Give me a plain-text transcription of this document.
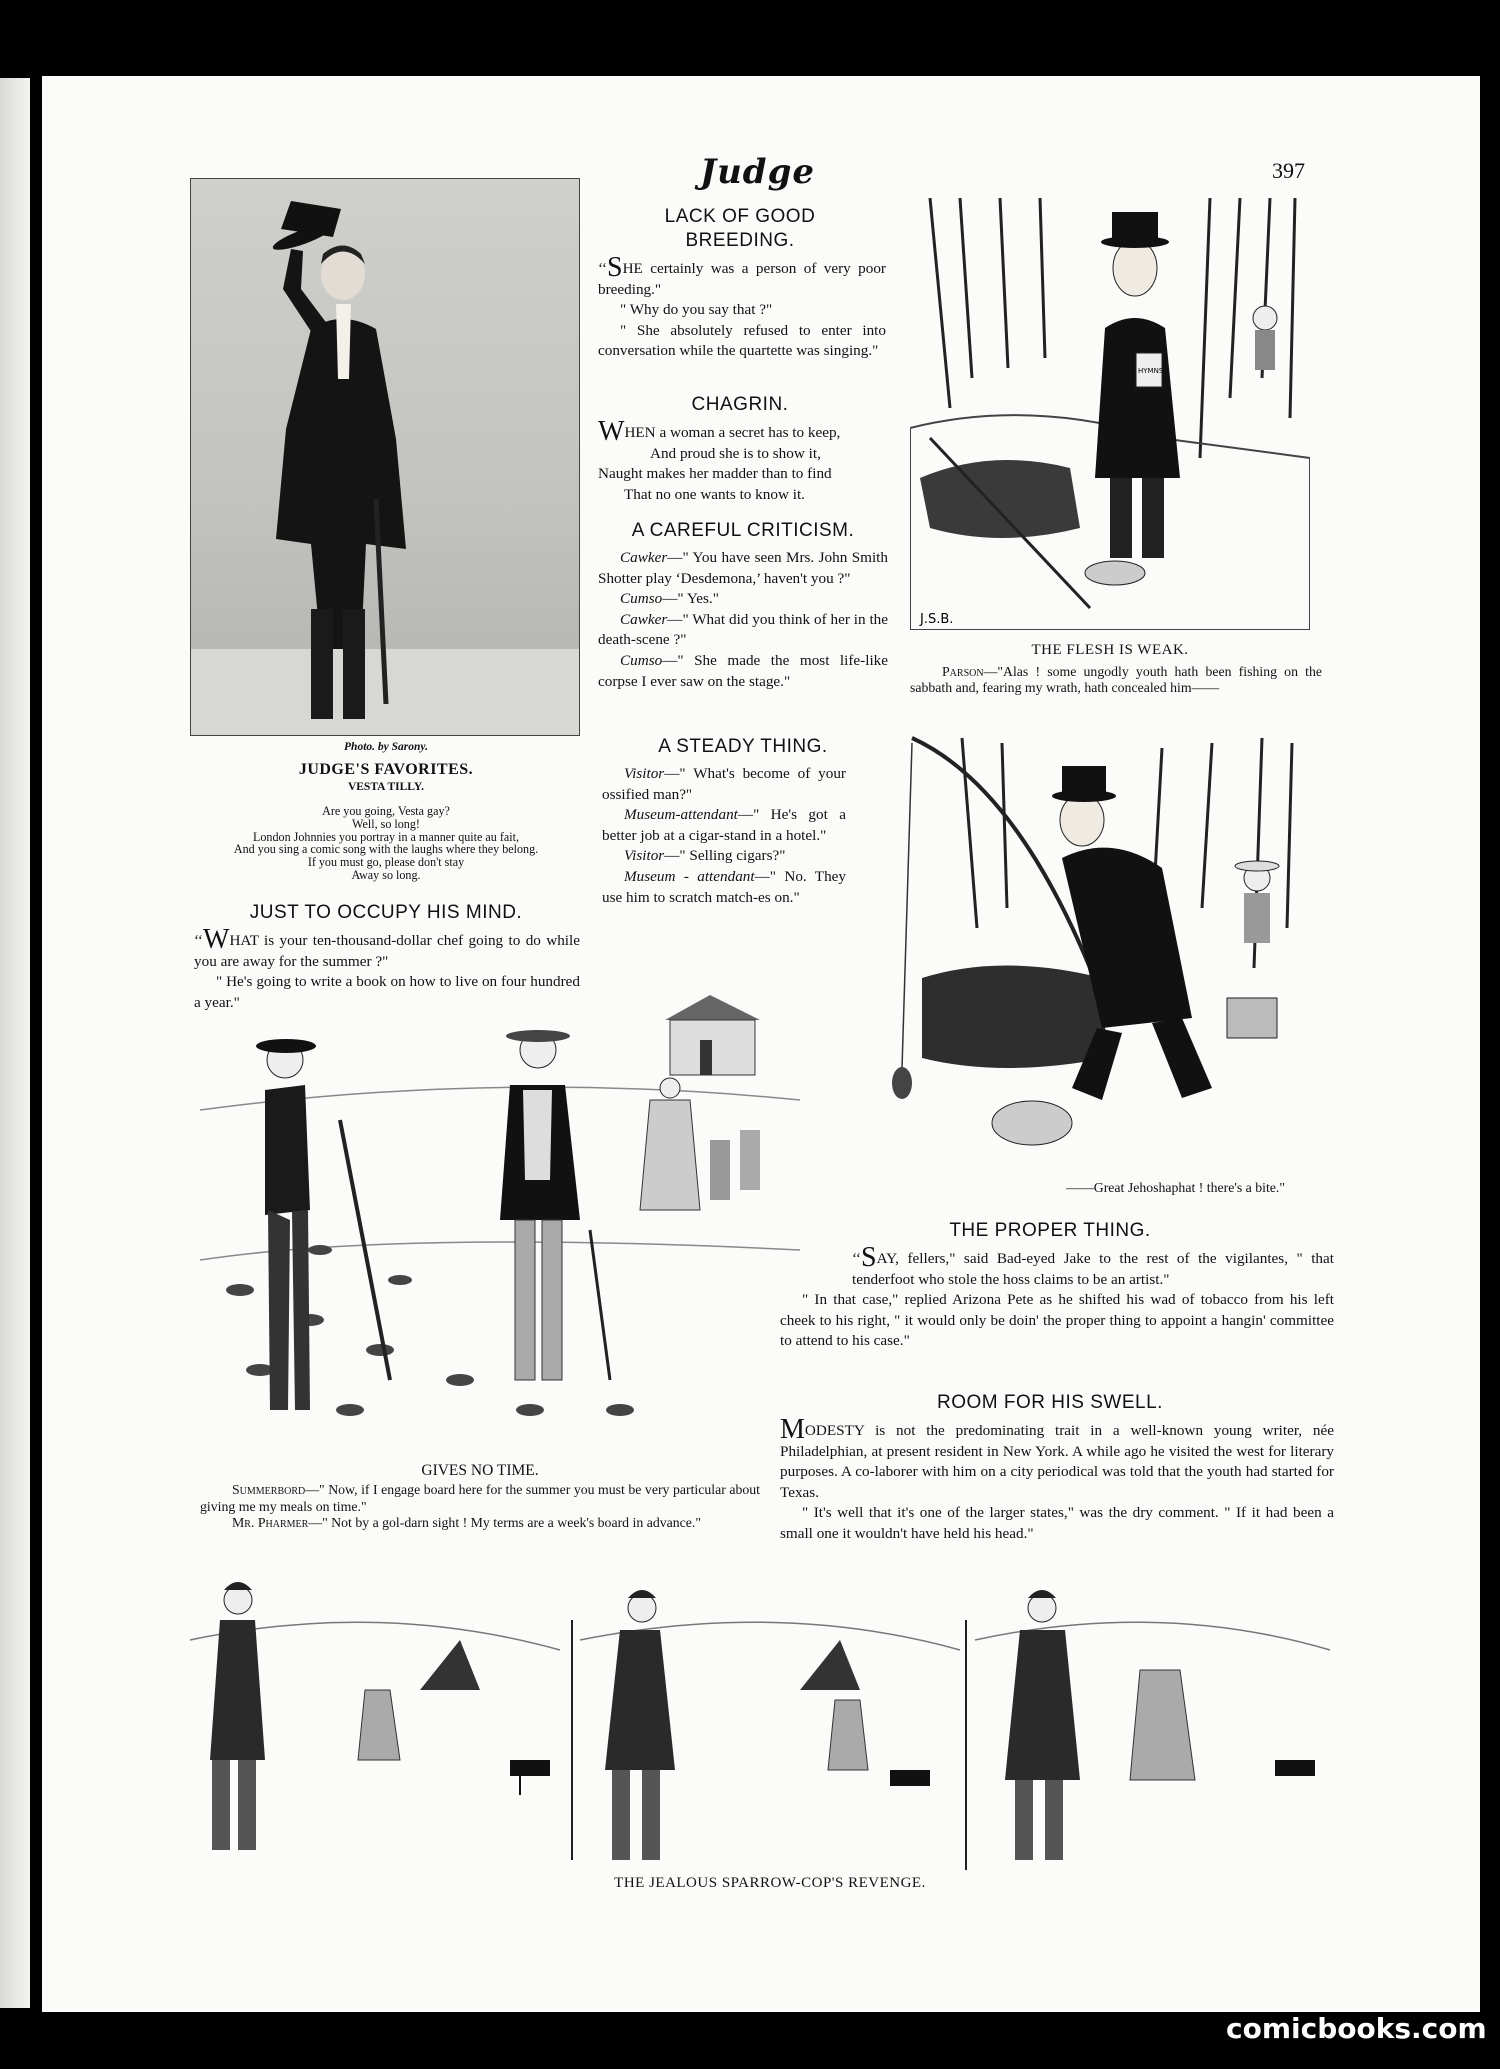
Judge	397
Photo. by Sarony.
JUDGE'S FAVORITES.
VESTA TILLY.
Are you going, Vesta gay?
Well, so long!
London Johnnies you portray in a manner quite au fait,
And you sing a comic song with the laughs where they belong.
If you must go, please don't stay
Away so long.
JUST TO OCCUPY HIS MIND.

‘‘WHAT is your ten-thousand-dollar chef going to do while you are away for the summer ?"

" He's going to write a book on how to live on four hundred a year."

LACK OF GOOD
BREEDING.

‘‘SHE certainly was a person of very poor breeding."

" Why do you say that ?"

" She absolutely refused to enter into conversation while the quartette was singing."

CHAGRIN.

WHEN a woman a secret has to keep,

And proud she is to show it,

Naught makes her madder than to find

That no one wants to know it.

A CAREFUL CRITICISM.

Cawker—" You have seen Mrs. John Smith Shotter play ‘Desdemona,’ haven't you ?"

Cumso—" Yes."

Cawker—" What did you think of her in the death-scene ?"

Cumso—" She made the most life-like corpse I ever saw on the stage."

A STEADY THING.

Visitor—" What's become of your ossified man?"

Museum-attendant—" He's got a better job at a cigar-stand in a hotel."

Visitor—" Selling cigars?"

Museum - attendant—" No. They use him to scratch match-es on."

HYMNS
J.S.B.
THE FLESH IS WEAK.
Parson—"Alas ! some ungodly youth hath been fishing on the sabbath and, fearing my wrath, hath concealed him——
——Great Jehoshaphat ! there's a bite."
GIVES NO TIME.

Summerbord—" Now, if I engage board here for the summer you must be very particular about giving me my meals on time."

Mr. Pharmer—" Not by a gol-darn sight ! My terms are a week's board in advance."

THE PROPER THING.

‘‘SAY, fellers," said Bad-eyed Jake to the rest of the vigilantes, " that tenderfoot who stole the hoss claims to be an artist."

" In that case," replied Arizona Pete as he shifted his wad of tobacco from his left cheek to his right, " it would only be doin' the proper thing to appoint a hangin' committee to attend to his case."

ROOM FOR HIS SWELL.

MODESTY is not the predominating trait in a well-known young writer, née Philadelphian, at present resident in New York. A while ago he visited the west for literary purposes. A co-laborer with him on a city periodical was told that the youth had started for Texas.

" It's well that it's one of the larger states," was the dry comment. " If it had been a small one it wouldn't have held his head."

THE JEALOUS SPARROW-COP'S REVENGE.
comicbooks.com
